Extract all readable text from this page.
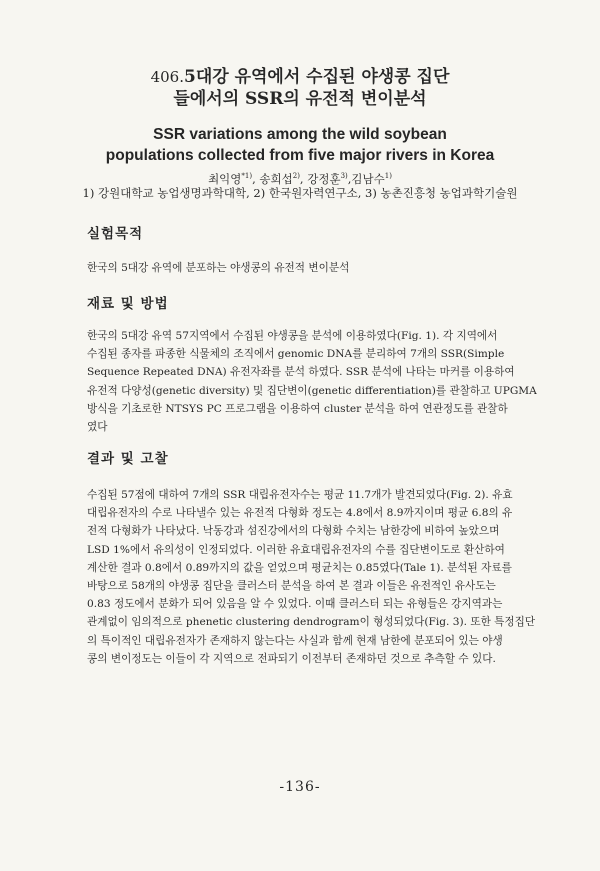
406.5대강 유역에서 수집된 야생콩 집단
들에서의 SSR의 유전적 변이분석
SSR variations among the wild soybean
populations collected from five major rivers in Korea
최익영$^{*1)}$, 송희섭$^{2)}$, 강정훈$^{3)}$,김남수$^{1)}$
1) 강원대학교 농업생명과학대학, 2) 한국원자력연구소, 3) 농촌진흥청 농업과학기술원
실험목적
한국의 5대강 유역에 분포하는 야생콩의 유전적 변이분석
재료 및 방법
한국의 5대강 유역 57지역에서 수집된 야생콩을 분석에 이용하였다(Fig. 1). 각 지역에서
수집된 종자를 파종한 식물체의 조직에서 genomic DNA를 분리하여 7개의 SSR(Simple
Sequence Repeated DNA) 유전자좌를 분석 하였다. SSR 분석에 나타는 마커를 이용하여
유전적 다양성(genetic diversity) 및 집단변이(genetic differentiation)를 관찰하고 UPGMA
방식을 기초로한 NTSYS PC 프로그램을 이용하여 cluster 분석을 하여 연관정도를 관찰하
였다
결과 및 고찰
수집된 57점에 대하여 7개의 SSR 대립유전자수는 평균 11.7개가 발견되었다(Fig. 2). 유효
대립유전자의 수로 나타낼수 있는 유전적 다형화 정도는 4.8에서 8.9까지이며 평균 6.8의 유
전적 다형화가 나타났다. 낙동강과 섬진강에서의 다형화 수치는 남한강에 비하여 높았으며
LSD 1%에서 유의성이 인정되었다. 이러한 유효대립유전자의 수를 집단변이도로 환산하여
계산한 결과 0.8에서 0.89까지의 값을 얻었으며 평균치는 0.85였다(Tale 1). 분석된 자료를
바탕으로 58개의 야생콩 집단을 클러스터 분석을 하여 본 결과 이들은 유전적인 유사도는
0.83 정도에서 분화가 되어 있음을 알 수 있었다. 이때 클러스터 되는 유형들은 강지역과는
관계없이 임의적으로 phenetic clustering dendrogram이 형성되었다(Fig. 3). 또한 특정집단
의 특이적인 대립유전자가 존재하지 않는다는 사실과 함께 현재 남한에 분포되어 있는 야생
콩의 변이정도는 이들이 각 지역으로 전파되기 이전부터 존재하던 것으로 추측할 수 있다.
-136-
